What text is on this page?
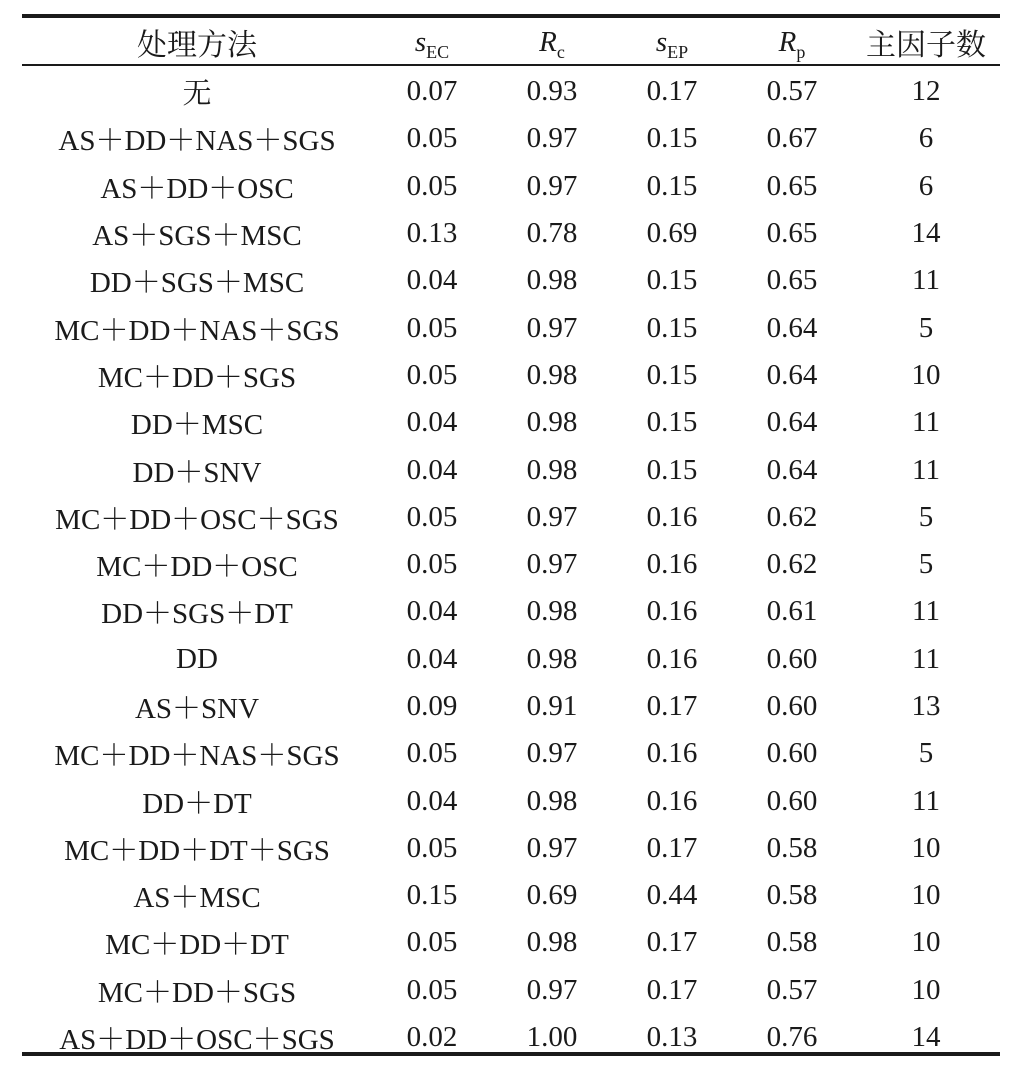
处理方法	$s_{EC}$	$R_c$	$s_{EP}$	$R_p$	主因子数

无	0.07	0.93	0.17	0.57	12
AS＋DD＋NAS＋SGS	0.05	0.97	0.15	0.67	6
AS＋DD＋OSC	0.05	0.97	0.15	0.65	6
AS＋SGS＋MSC	0.13	0.78	0.69	0.65	14
DD＋SGS＋MSC	0.04	0.98	0.15	0.65	11
MC＋DD＋NAS＋SGS	0.05	0.97	0.15	0.64	5
MC＋DD＋SGS	0.05	0.98	0.15	0.64	10
DD＋MSC	0.04	0.98	0.15	0.64	11
DD＋SNV	0.04	0.98	0.15	0.64	11
MC＋DD＋OSC＋SGS	0.05	0.97	0.16	0.62	5
MC＋DD＋OSC	0.05	0.97	0.16	0.62	5
DD＋SGS＋DT	0.04	0.98	0.16	0.61	11
DD	0.04	0.98	0.16	0.60	11
AS＋SNV	0.09	0.91	0.17	0.60	13
MC＋DD＋NAS＋SGS	0.05	0.97	0.16	0.60	5
DD＋DT	0.04	0.98	0.16	0.60	11
MC＋DD＋DT＋SGS	0.05	0.97	0.17	0.58	10
AS＋MSC	0.15	0.69	0.44	0.58	10
MC＋DD＋DT	0.05	0.98	0.17	0.58	10
MC＋DD＋SGS	0.05	0.97	0.17	0.57	10
AS＋DD＋OSC＋SGS	0.02	1.00	0.13	0.76	14
